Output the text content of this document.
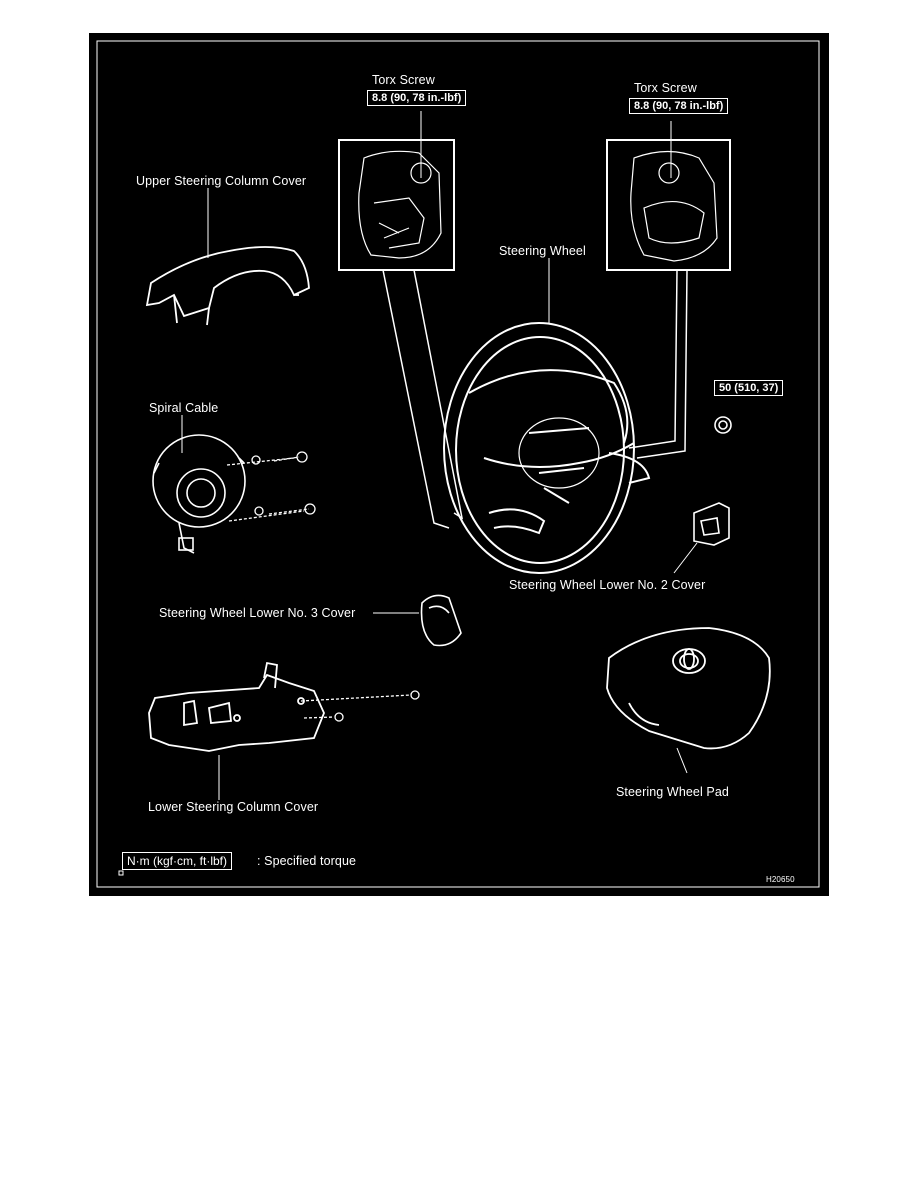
Torx Screw
8.8 (90, 78 in.-lbf)
Torx Screw
8.8 (90, 78 in.-lbf)
Upper Steering Column Cover
Steering Wheel
50 (510, 37)
Spiral Cable
Steering Wheel Lower No. 2 Cover
Steering Wheel Lower No. 3 Cover
Steering Wheel Pad
Lower Steering Column Cover
N·m (kgf·cm, ft·lbf)	: Specified torque
H20650
